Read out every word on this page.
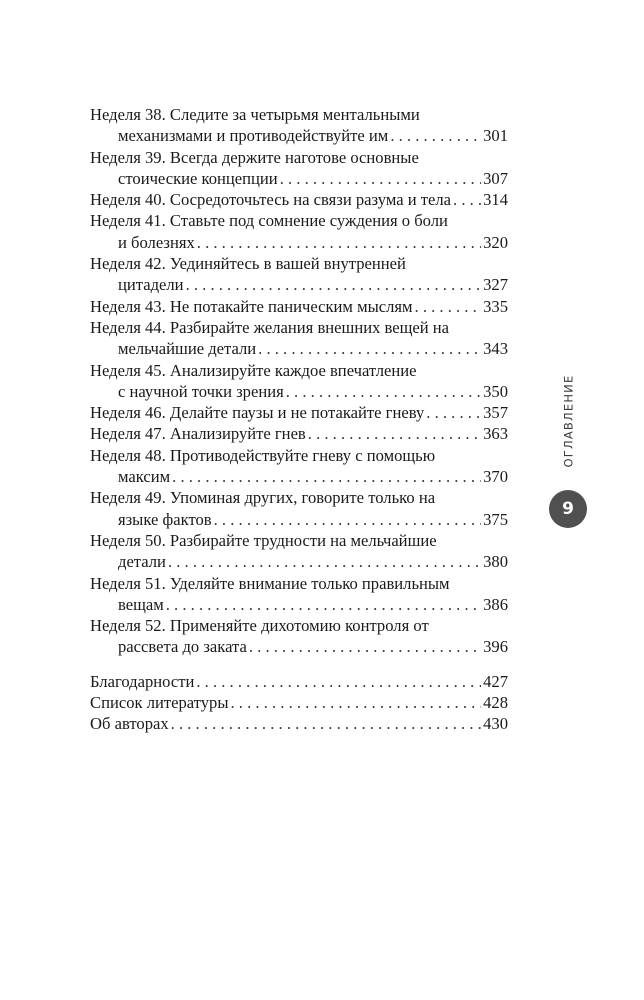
Неделя 38. Следите за четырьмя ментальными
механизмами и противодействуйте им . . .	301
Неделя 39. Всегда держите наготове основные
стоические концепции . . .	307
Неделя 40. Сосредоточьтесь на связи разума и тела . . . 314
Неделя 41. Ставьте под сомнение суждения о боли
и болезнях . . .	320
Неделя 42. Уединяйтесь в вашей внутренней
цитадели . . .	327
Неделя 43. Не потакайте паническим мыслям . . .	335
Неделя 44. Разбирайте желания внешних вещей на
мельчайшие детали . . .	343
Неделя 45. Анализируйте каждое впечатление
с научной точки зрения . . .	350
Неделя 46. Делайте паузы и не потакайте гневу . . .	357
Неделя 47. Анализируйте гнев . . .	363
Неделя 48. Противодействуйте гневу с помощью
максим . . .	370
Неделя 49. Упоминая других, говорите только на
языке фактов . . .	375
Неделя 50. Разбирайте трудности на мельчайшие
детали . . .	380
Неделя 51. Уделяйте внимание только правильным
вещам . . .	386
Неделя 52. Применяйте дихотомию контроля от
рассвета до заката . . .	396
Благодарности . . .	427
Список литературы . . .	428
Об авторах . . .	430
ОГЛАВЛЕНИЕ
9
